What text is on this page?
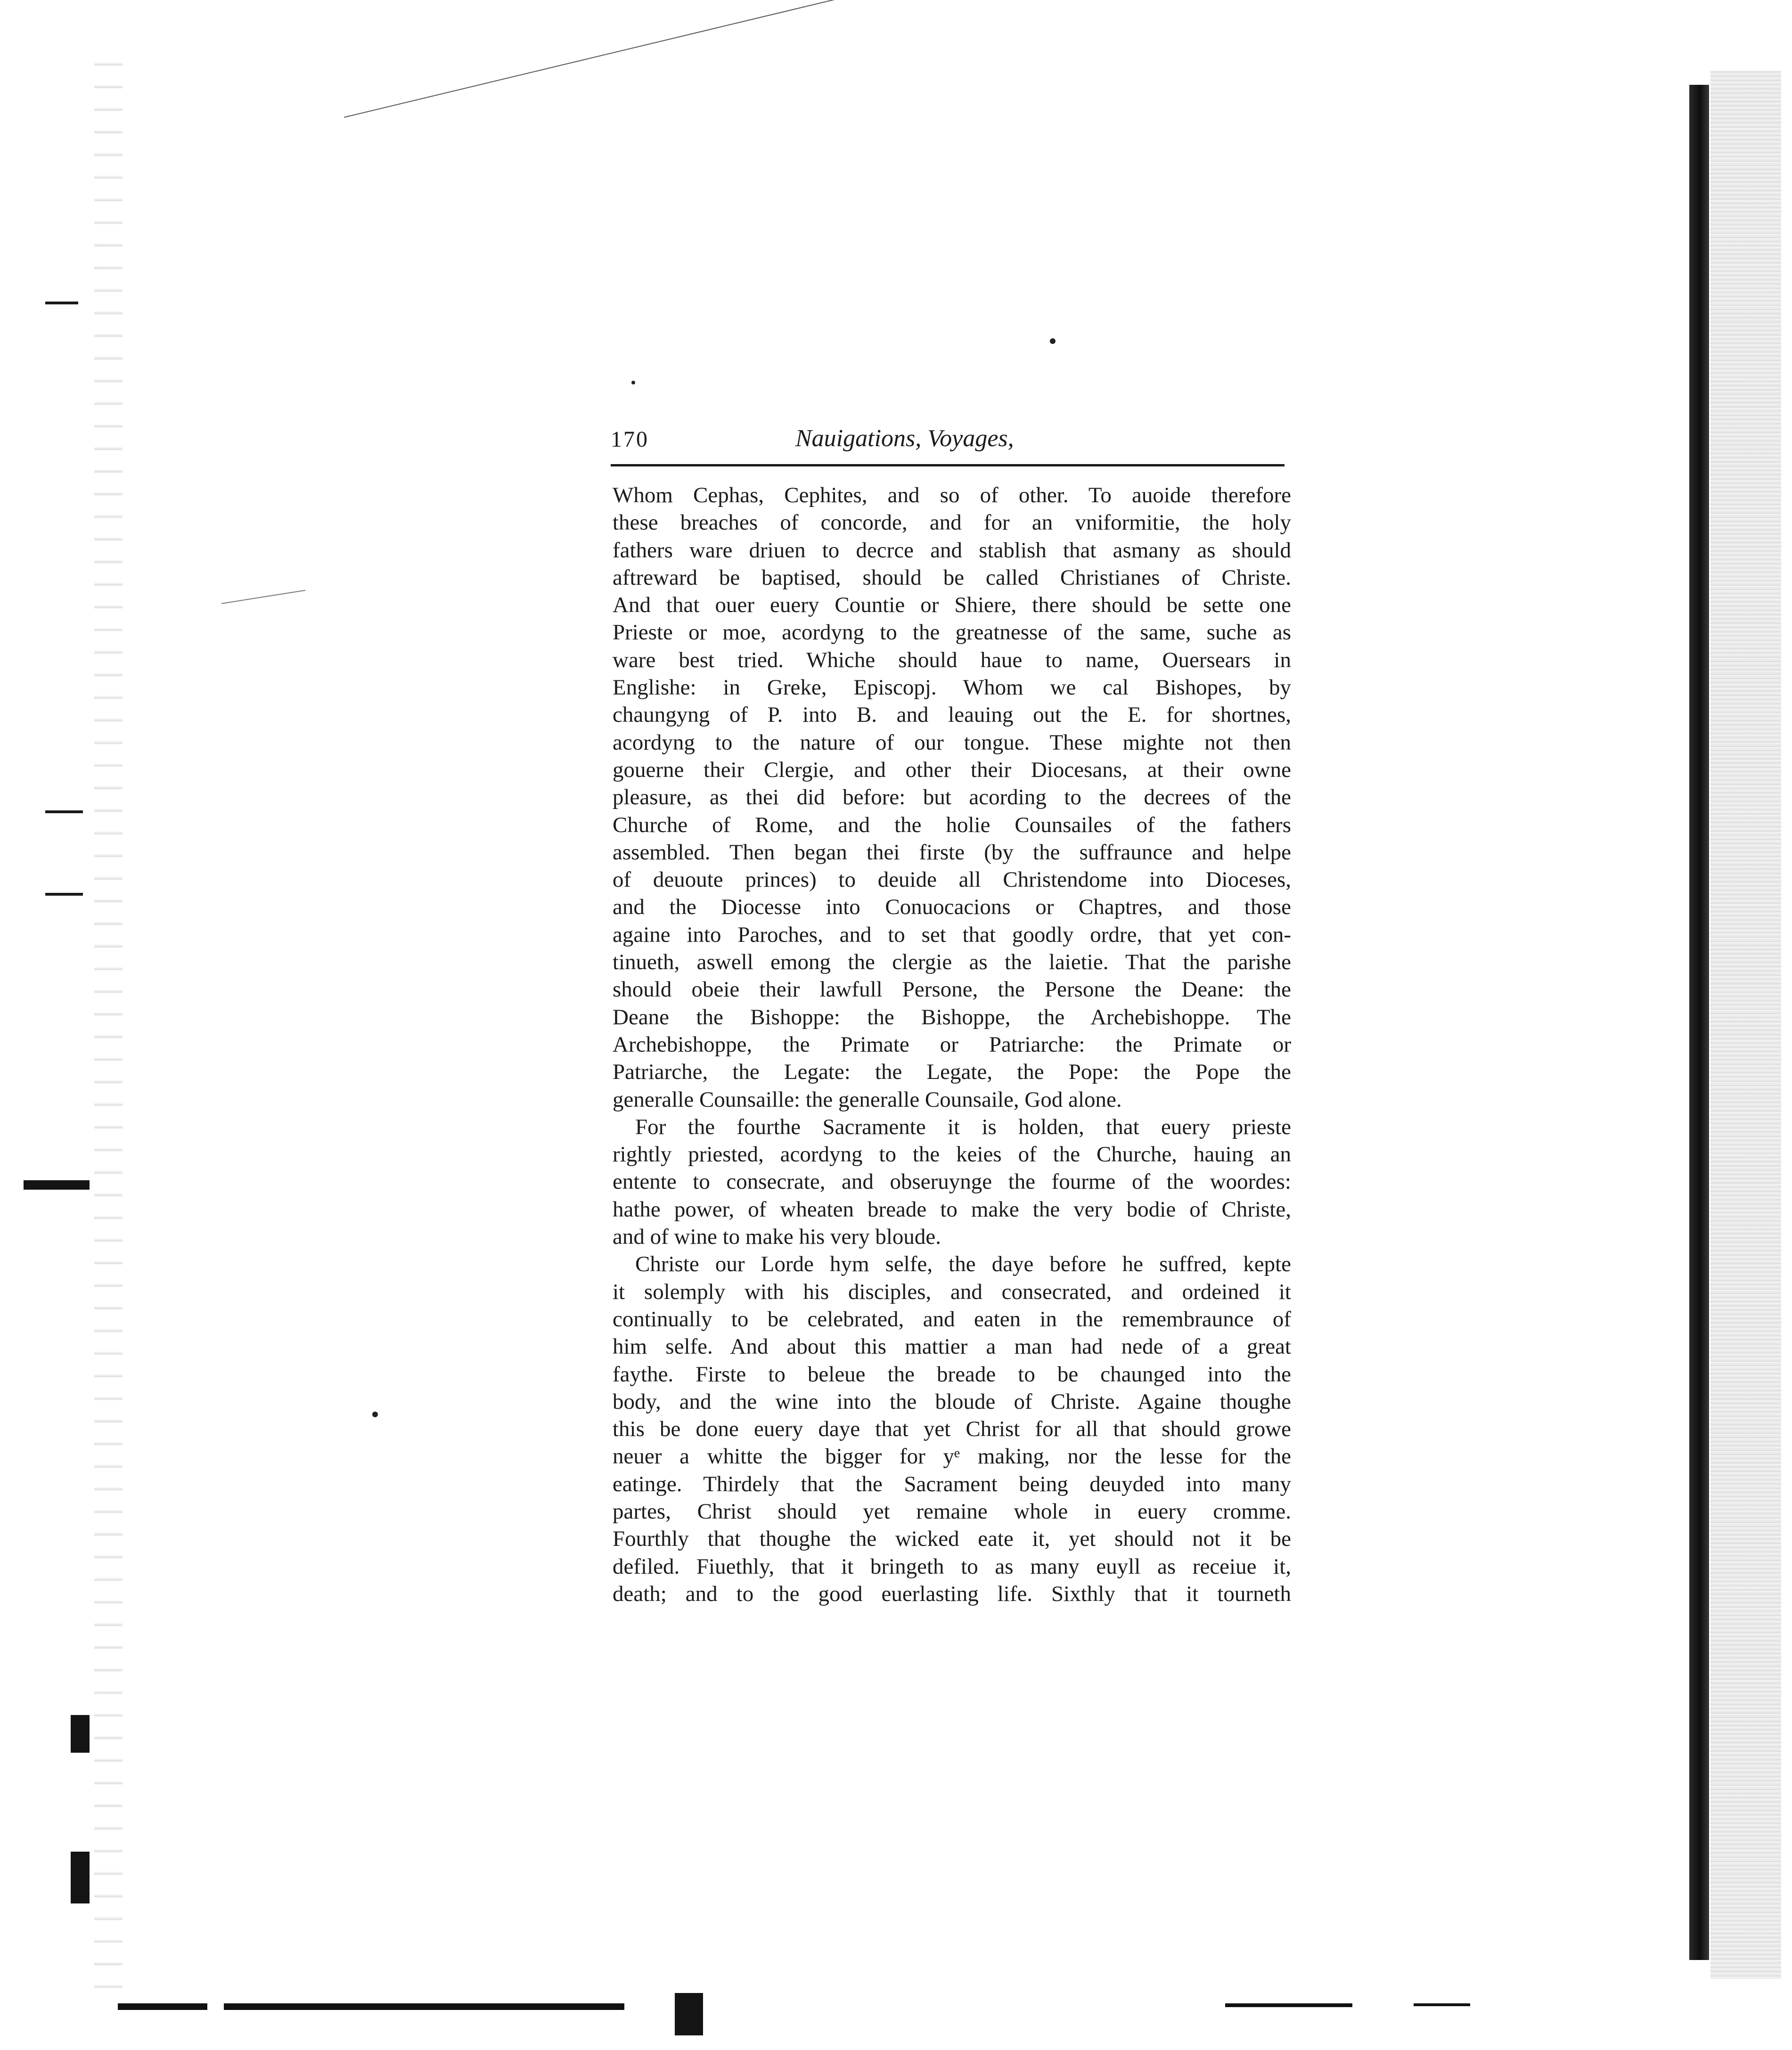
170	Nauigations, Voyages,
Whom Cephas, Cephites, and so of other. To auoide therefore
these breaches of concorde, and for an vniformitie, the holy
fathers ware driuen to decrce and stablish that asmany as should
aftreward be baptised, should be called Christianes of Christe.
And that ouer euery Countie or Shiere, there should be sette one
Prieste or moe, acordyng to the greatnesse of the same, suche as
ware best tried. Whiche should haue to name, Ouersears in
Englishe: in Greke, Episcopj. Whom we cal Bishopes, by
chaungyng of P. into B. and leauing out the E. for shortnes,
acordyng to the nature of our tongue. These mighte not then
gouerne their Clergie, and other their Diocesans, at their owne
pleasure, as thei did before: but acording to the decrees of the
Churche of Rome, and the holie Counsailes of the fathers
assembled. Then began thei firste (by the suffraunce and helpe
of deuoute princes) to deuide all Christendome into Dioceses,
and the Diocesse into Conuocacions or Chaptres, and those
againe into Paroches, and to set that goodly ordre, that yet con-
tinueth, aswell emong the clergie as the laietie. That the parishe
should obeie their lawfull Persone, the Persone the Deane: the
Deane the Bishoppe: the Bishoppe, the Archebishoppe. The
Archebishoppe, the Primate or Patriarche: the Primate or
Patriarche, the Legate: the Legate, the Pope: the Pope the
generalle Counsaille: the generalle Counsaile, God alone.
For the fourthe Sacramente it is holden, that euery prieste
rightly priested, acordyng to the keies of the Churche, hauing an
entente to consecrate, and obseruynge the fourme of the woordes:
hathe power, of wheaten breade to make the very bodie of Christe,
and of wine to make his very bloude.
Christe our Lorde hym selfe, the daye before he suffred, kepte
it solemply with his disciples, and consecrated, and ordeined it
continually to be celebrated, and eaten in the remembraunce of
him selfe. And about this mattier a man had nede of a great
faythe. Firste to beleue the breade to be chaunged into the
body, and the wine into the bloude of Christe. Againe thoughe
this be done euery daye that yet Christ for all that should growe
neuer a whitte the bigger for yᵉ making, nor the lesse for the
eatinge. Thirdely that the Sacrament being deuyded into many
partes, Christ should yet remaine whole in euery cromme.
Fourthly that thoughe the wicked eate it, yet should not it be
defiled. Fiuethly, that it bringeth to as many euyll as receiue it,
death; and to the good euerlasting life. Sixthly that it tourneth
